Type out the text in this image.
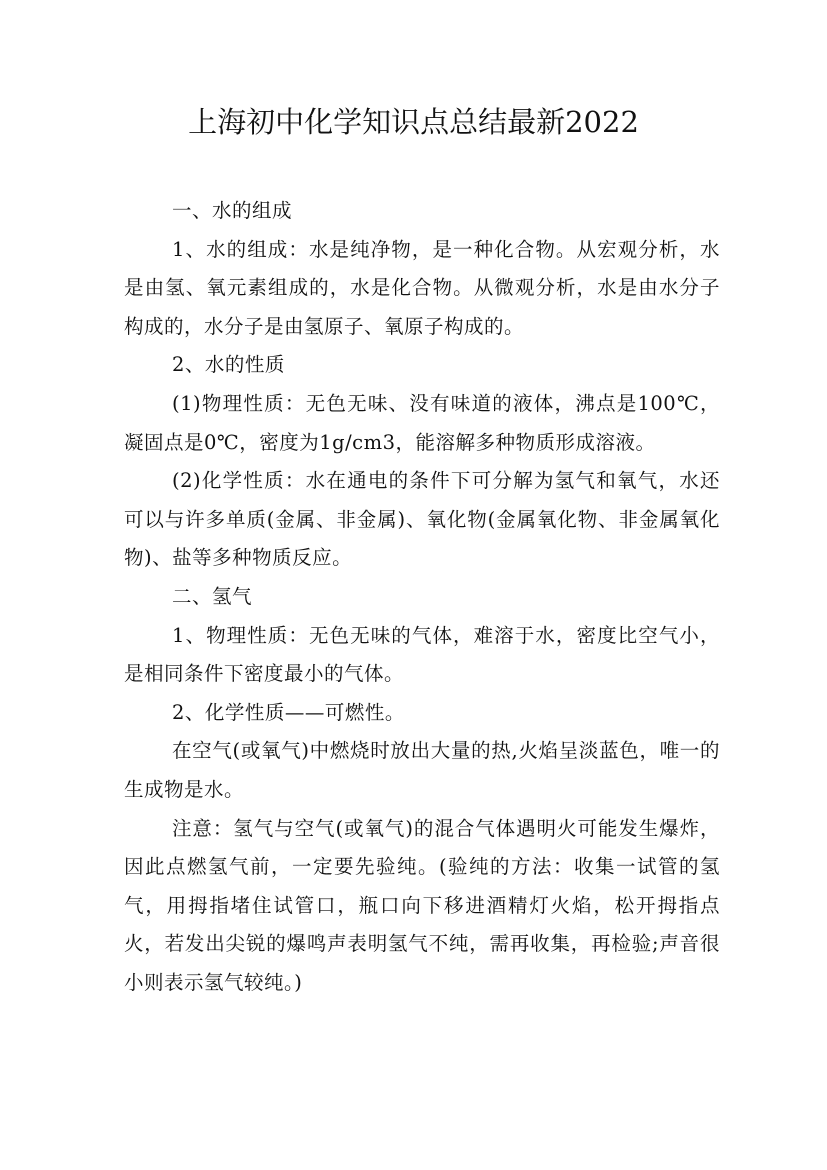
上海初中化学知识点总结最新2022

一、水的组成

1、水的组成：水是纯净物，是一种化合物。从宏观分析，水是由氢、氧元素组成的，水是化合物。从微观分析，水是由水分子构成的，水分子是由氢原子、氧原子构成的。

2、水的性质

(1)物理性质：无色无味、没有味道的液体，沸点是100℃，凝固点是0℃，密度为1g/cm3，能溶解多种物质形成溶液。

(2)化学性质：水在通电的条件下可分解为氢气和氧气，水还可以与许多单质(金属、非金属)、氧化物(金属氧化物、非金属氧化物)、盐等多种物质反应。

二、氢气

1、物理性质：无色无味的气体，难溶于水，密度比空气小，是相同条件下密度最小的气体。

2、化学性质——可燃性。

在空气(或氧气)中燃烧时放出大量的热,火焰呈淡蓝色，唯一的生成物是水。

注意：氢气与空气(或氧气)的混合气体遇明火可能发生爆炸，因此点燃氢气前，一定要先验纯。(验纯的方法：收集一试管的氢气，用拇指堵住试管口，瓶口向下移进酒精灯火焰，松开拇指点火，若发出尖锐的爆鸣声表明氢气不纯，需再收集，再检验;声音很小则表示氢气较纯。)
